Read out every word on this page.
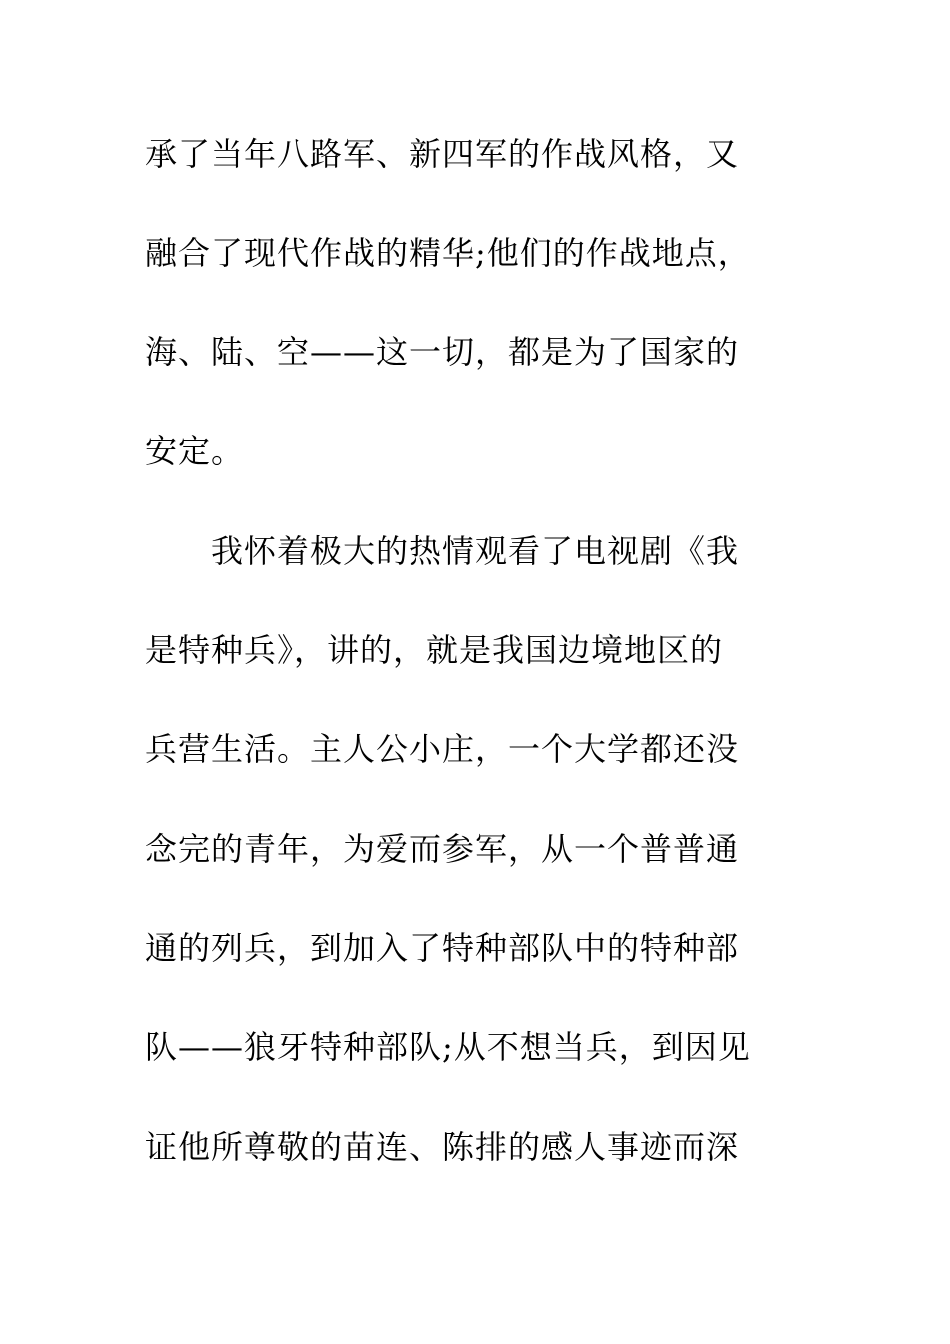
承了当年八路军、新四军的作战风格，又
融合了现代作战的精华;他们的作战地点，
海、陆、空——这一切，都是为了国家的
安定。
　　我怀着极大的热情观看了电视剧《我
是特种兵》，讲的，就是我国边境地区的
兵营生活。主人公小庄，一个大学都还没
念完的青年，为爱而参军，从一个普普通
通的列兵，到加入了特种部队中的特种部
队——狼牙特种部队;从不想当兵，到因见
证他所尊敬的苗连、陈排的感人事迹而深
